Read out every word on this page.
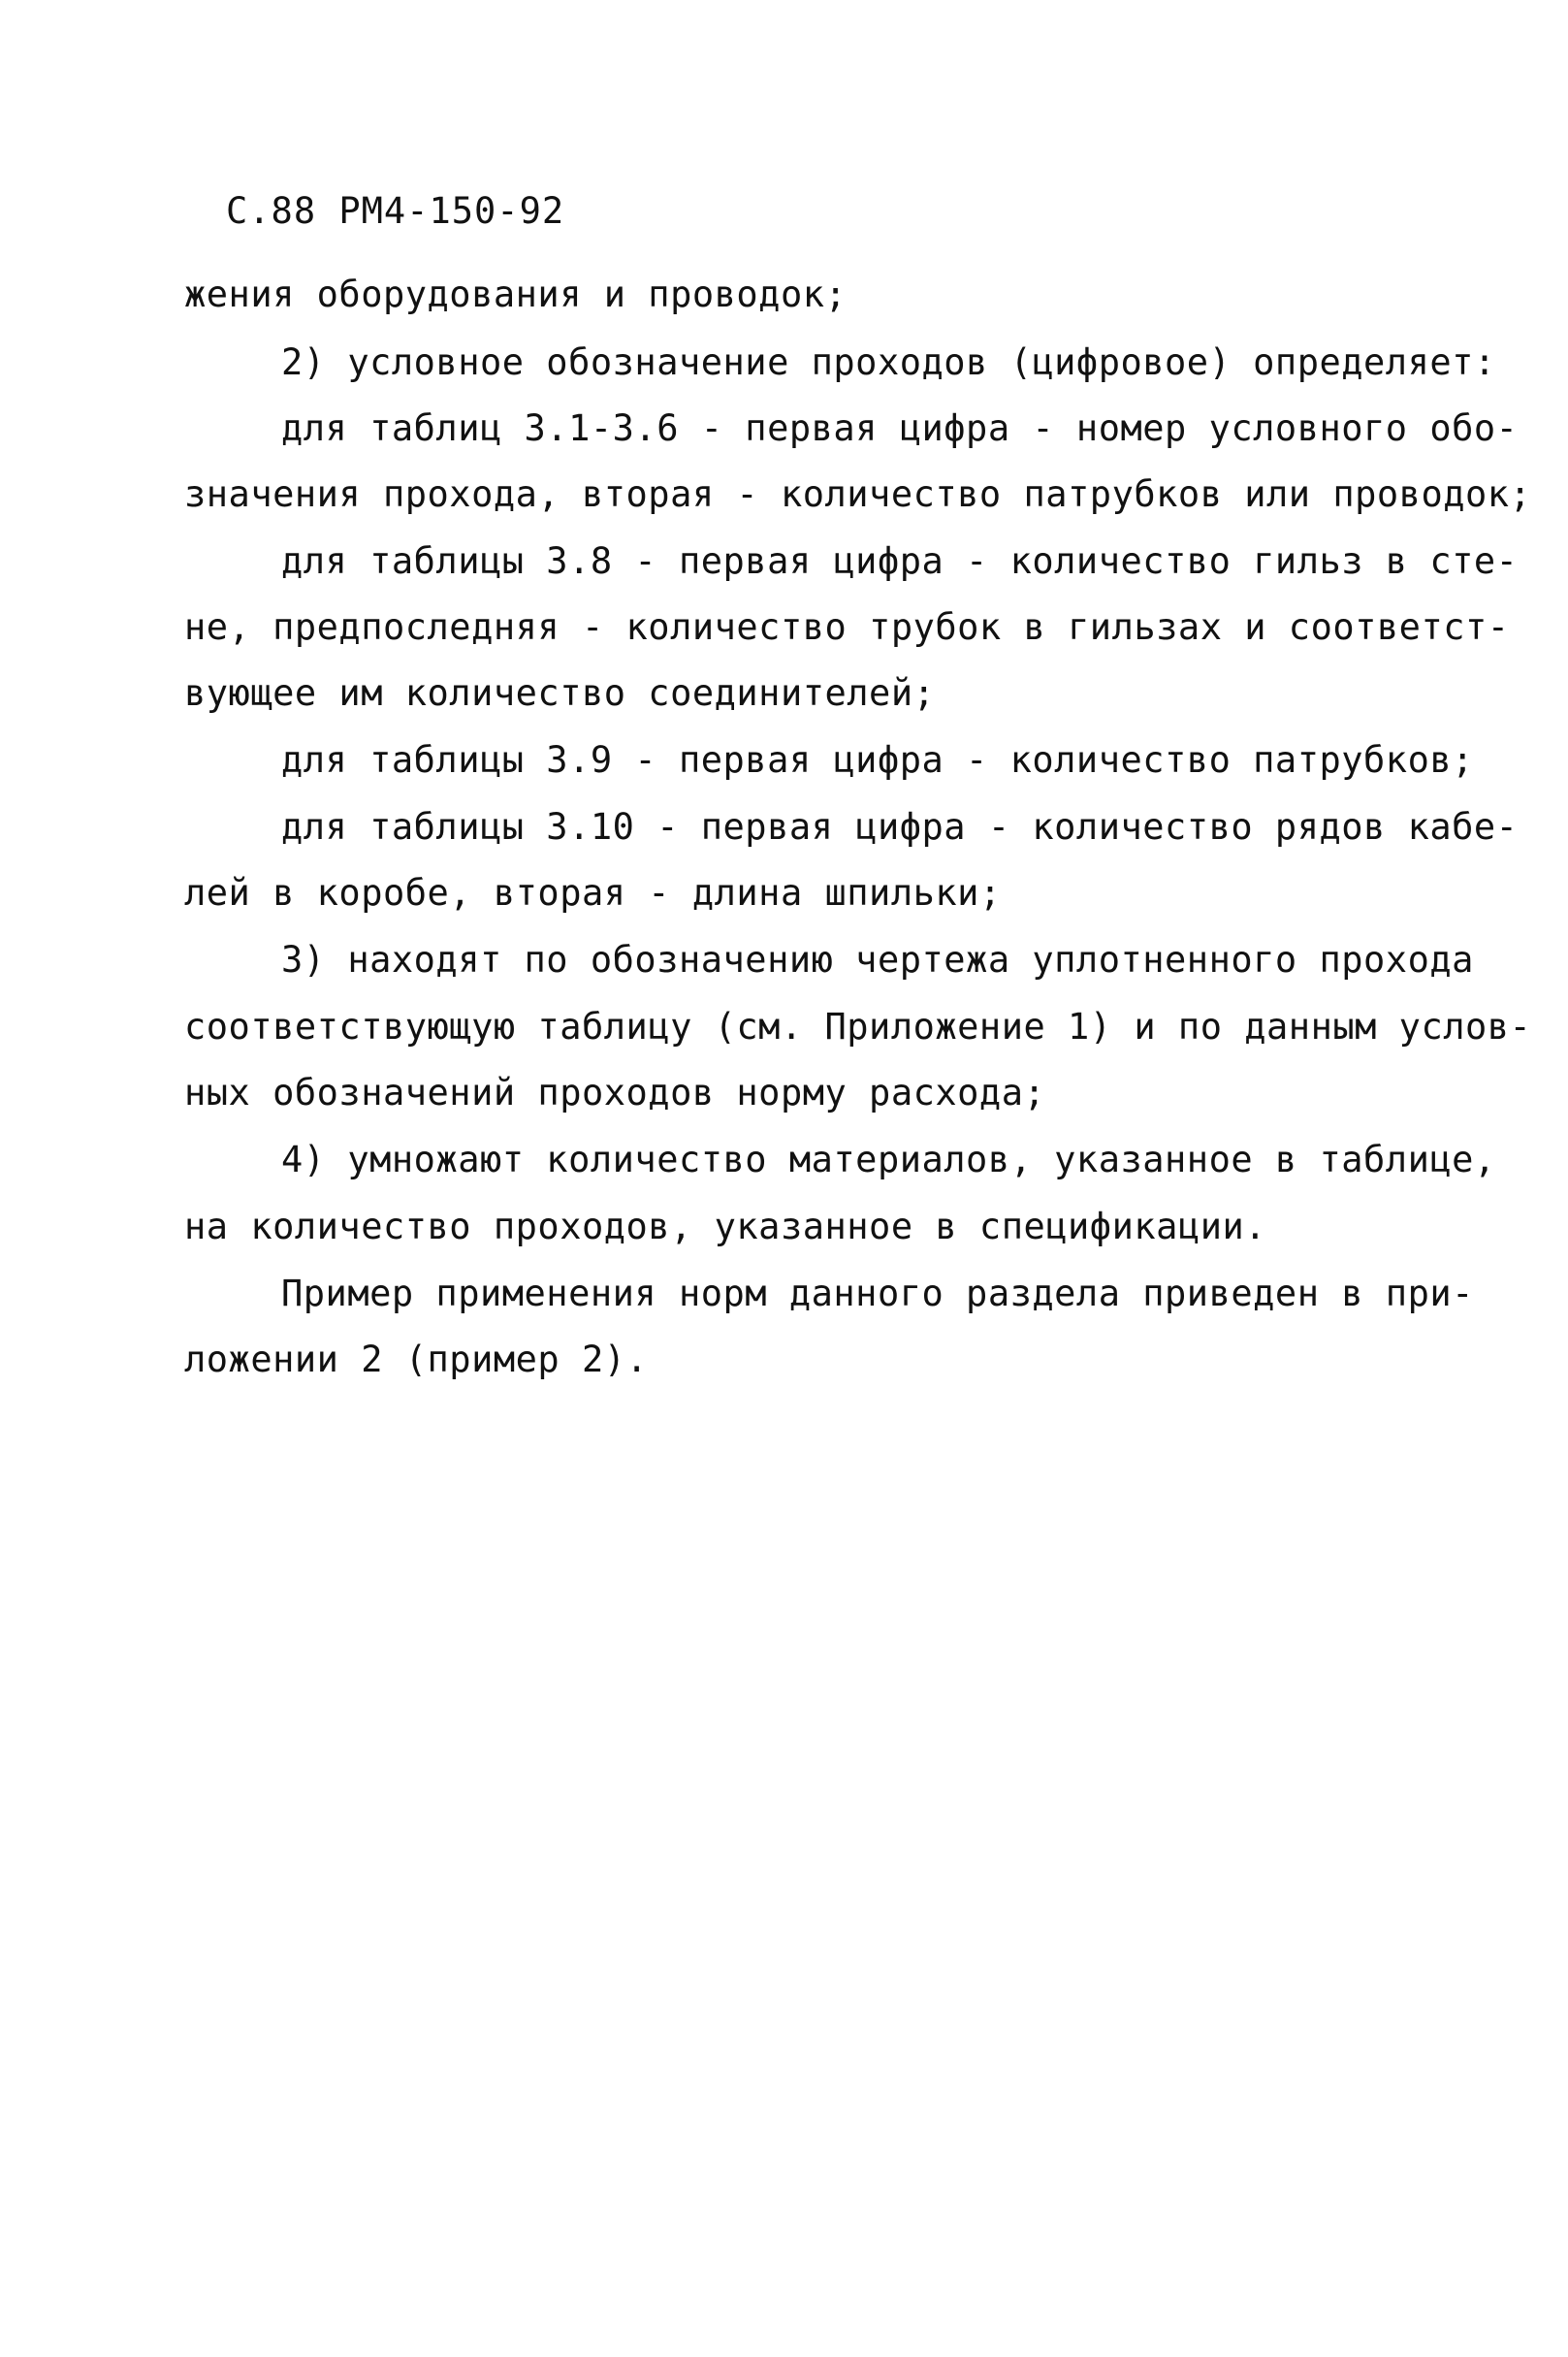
С.88 РМ4-150-92
жения оборудования и проводок;
2) условное обозначение проходов (цифровое) определяет:
для таблиц 3.1-3.6 - первая цифра - номер условного обо-
значения прохода, вторая - количество патрубков или проводок;
для таблицы 3.8 - первая цифра - количество гильз в сте-
не, предпоследняя - количество трубок в гильзах и соответст-
вующее им количество соединителей;
для таблицы 3.9 - первая цифра - количество патрубков;
для таблицы 3.10 - первая цифра - количество рядов кабе-
лей в коробе, вторая - длина шпильки;
3) находят по обозначению чертежа уплотненного прохода
соответствующую таблицу (см. Приложение 1) и по данным услов-
ных обозначений проходов норму расхода;
4) умножают количество материалов, указанное в таблице,
на количество проходов, указанное в спецификации.
Пример применения норм данного раздела приведен в при-
ложении 2 (пример 2).
